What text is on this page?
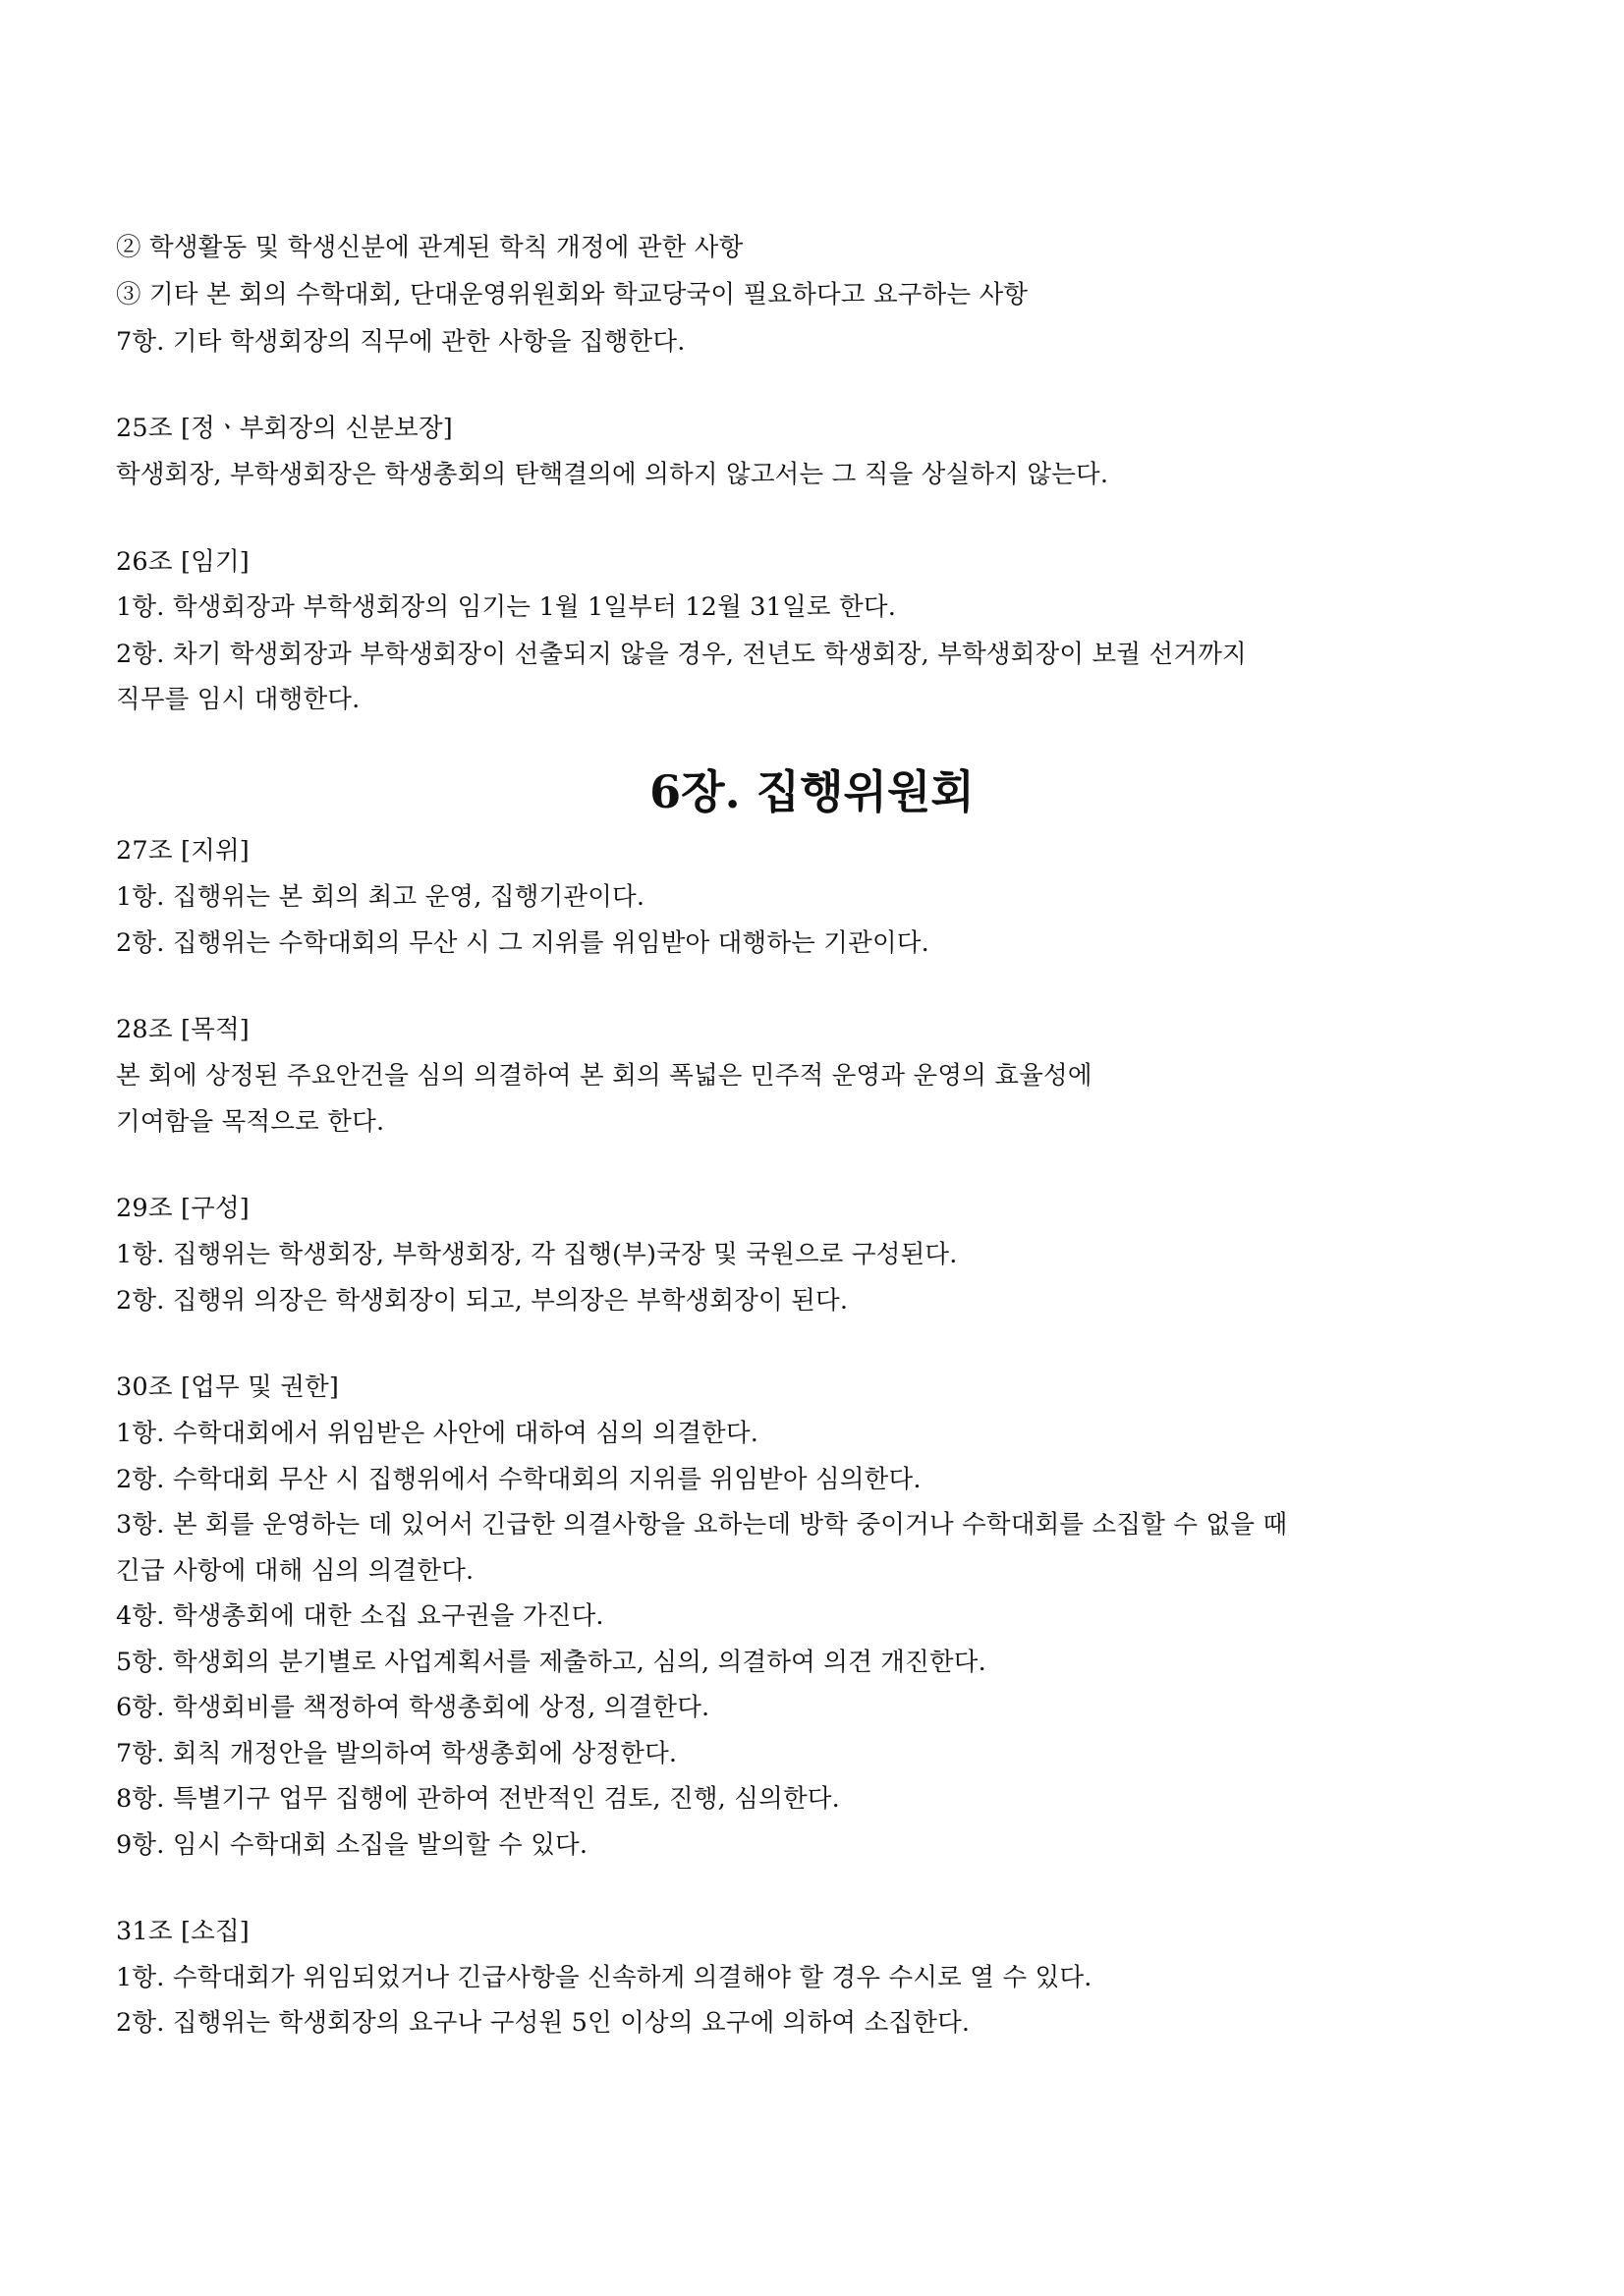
② 학생활동 및 학생신분에 관계된 학칙 개정에 관한 사항
③ 기타 본 회의 수학대회, 단대운영위원회와 학교당국이 필요하다고 요구하는 사항
7항. 기타 학생회장의 직무에 관한 사항을 집행한다.
25조 [정ㆍ부회장의 신분보장]
학생회장, 부학생회장은 학생총회의 탄핵결의에 의하지 않고서는 그 직을 상실하지 않는다.
26조 [임기]
1항. 학생회장과 부학생회장의 임기는 1월 1일부터 12월 31일로 한다.
2항. 차기 학생회장과 부학생회장이 선출되지 않을 경우, 전년도 학생회장, 부학생회장이 보궐 선거까지
직무를 임시 대행한다.
6장. 집행위원회
27조 [지위]
1항. 집행위는 본 회의 최고 운영, 집행기관이다.
2항. 집행위는 수학대회의 무산 시 그 지위를 위임받아 대행하는 기관이다.
28조 [목적]
본 회에 상정된 주요안건을 심의 의결하여 본 회의 폭넓은 민주적 운영과 운영의 효율성에
기여함을 목적으로 한다.
29조 [구성]
1항. 집행위는 학생회장, 부학생회장, 각 집행(부)국장 및 국원으로 구성된다.
2항. 집행위 의장은 학생회장이 되고, 부의장은 부학생회장이 된다.
30조 [업무 및 권한]
1항. 수학대회에서 위임받은 사안에 대하여 심의 의결한다.
2항. 수학대회 무산 시 집행위에서 수학대회의 지위를 위임받아 심의한다.
3항. 본 회를 운영하는 데 있어서 긴급한 의결사항을 요하는데 방학 중이거나 수학대회를 소집할 수 없을 때
긴급 사항에 대해 심의 의결한다.
4항. 학생총회에 대한 소집 요구권을 가진다.
5항. 학생회의 분기별로 사업계획서를 제출하고, 심의, 의결하여 의견 개진한다.
6항. 학생회비를 책정하여 학생총회에 상정, 의결한다.
7항. 회칙 개정안을 발의하여 학생총회에 상정한다.
8항. 특별기구 업무 집행에 관하여 전반적인 검토, 진행, 심의한다.
9항. 임시 수학대회 소집을 발의할 수 있다.
31조 [소집]
1항. 수학대회가 위임되었거나 긴급사항을 신속하게 의결해야 할 경우 수시로 열 수 있다.
2항. 집행위는 학생회장의 요구나 구성원 5인 이상의 요구에 의하여 소집한다.
